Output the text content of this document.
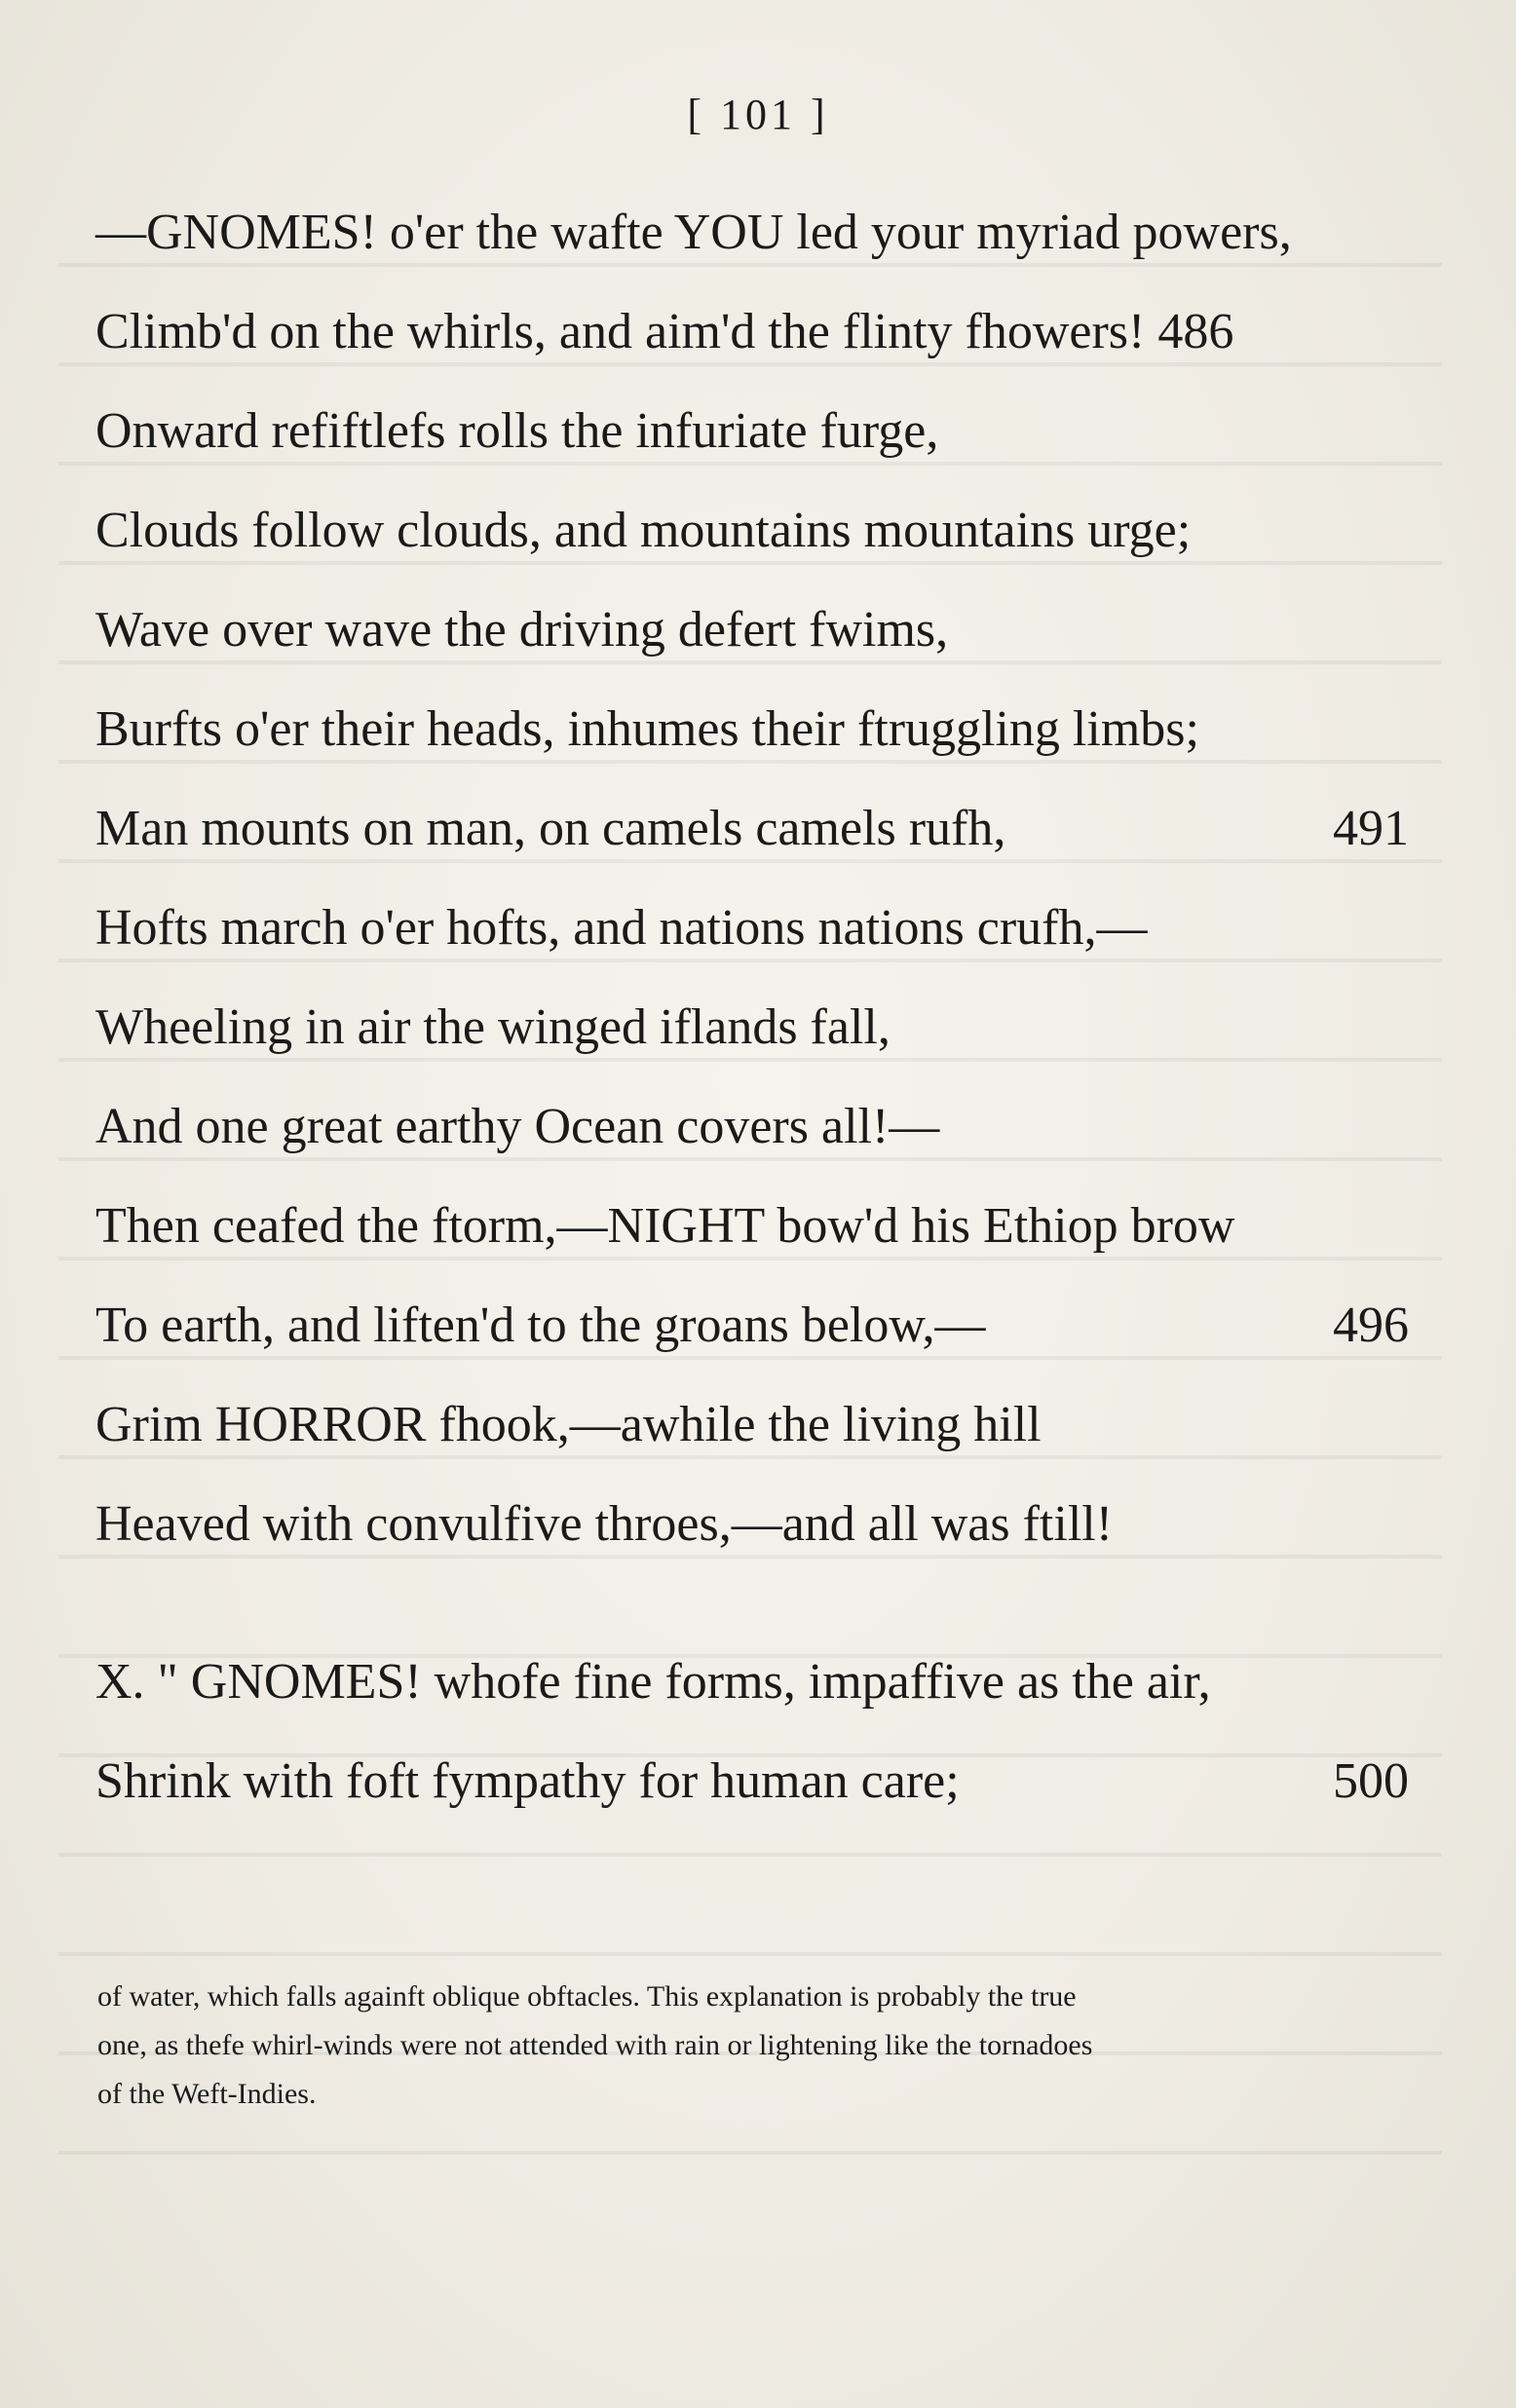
[ 101 ]
—GNOMES! o'er the wafte YOU led your myriad powers,
Climb'd on the whirls, and aim'd the flinty fhowers! 486
Onward refiftlefs rolls the infuriate furge,
Clouds follow clouds, and mountains mountains urge;
Wave over wave the driving defert fwims,
Burfts o'er their heads, inhumes their ftruggling limbs;
Man mounts on man, on camels camels rufh,	491
Hofts march o'er hofts, and nations nations crufh,—
Wheeling in air the winged iflands fall,
And one great earthy Ocean covers all!—
Then ceafed the ftorm,—NIGHT bow'd his Ethiop brow
To earth, and liften'd to the groans below,—	496
Grim HORROR fhook,—awhile the living hill
Heaved with convulfive throes,—and all was ftill!
X. " GNOMES! whofe fine forms, impaffive as the air,
Shrink with foft fympathy for human care;	500
of water, which falls againft oblique obftacles. This explanation is probably the true
one, as thefe whirl-winds were not attended with rain or lightening like the tornadoes
of the Weft-Indies.
